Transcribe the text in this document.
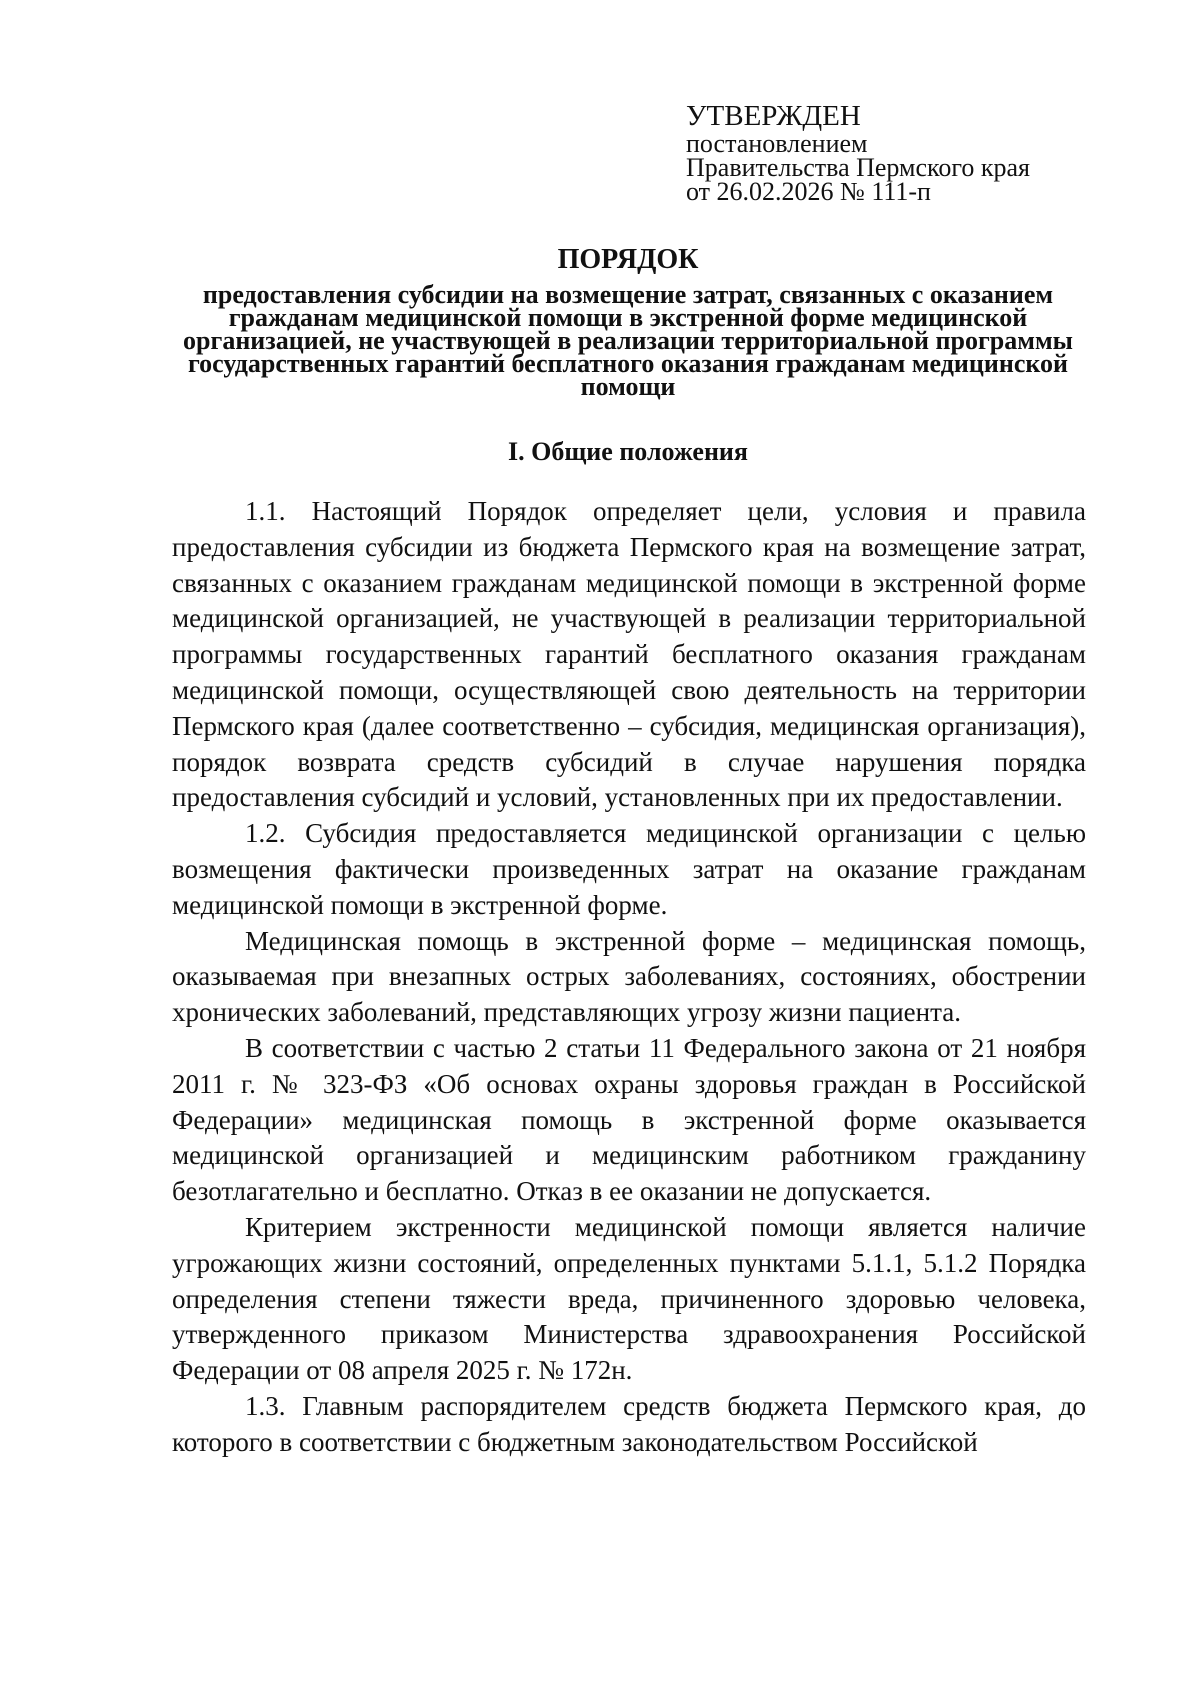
УТВЕРЖДЕН
постановлением
Правительства Пермского края
от 26.02.2026 № 111-п
ПОРЯДОК
предоставления субсидии на возмещение затрат, связанных с оказанием гражданам медицинской помощи в экстренной форме медицинской организацией, не участвующей в реализации территориальной программы государственных гарантий бесплатного оказания гражданам медицинской помощи
I. Общие положения

1.1. Настоящий Порядок определяет цели, условия и правила предоставления субсидии из бюджета Пермского края на возмещение затрат, связанных с оказанием гражданам медицинской помощи в экстренной форме медицинской организацией, не участвующей в реализации территориальной программы государственных гарантий бесплатного оказания гражданам медицинской помощи, осуществляющей свою деятельность на территории Пермского края (далее соответственно – субсидия, медицинская организация), порядок возврата средств субсидий в случае нарушения порядка предоставления субсидий и условий, установленных при их предоставлении.

1.2. Субсидия предоставляется медицинской организации с целью возмещения фактически произведенных затрат на оказание гражданам медицинской помощи в экстренной форме.

Медицинская помощь в экстренной форме – медицинская помощь, оказываемая при внезапных острых заболеваниях, состояниях, обострении хронических заболеваний, представляющих угрозу жизни пациента.

В соответствии с частью 2 статьи 11 Федерального закона от 21 ноября 2011 г. № 323-ФЗ «Об основах охраны здоровья граждан в Российской Федерации» медицинская помощь в экстренной форме оказывается медицинской организацией и медицинским работником гражданину безотлагательно и бесплатно. Отказ в ее оказании не допускается.

Критерием экстренности медицинской помощи является наличие угрожающих жизни состояний, определенных пунктами 5.1.1, 5.1.2 Порядка определения степени тяжести вреда, причиненного здоровью человека, утвержденного приказом Министерства здравоохранения Российской Федерации от 08 апреля 2025 г. № 172н.

1.3. Главным распорядителем средств бюджета Пермского края, до которого в соответствии с бюджетным законодательством Российской
